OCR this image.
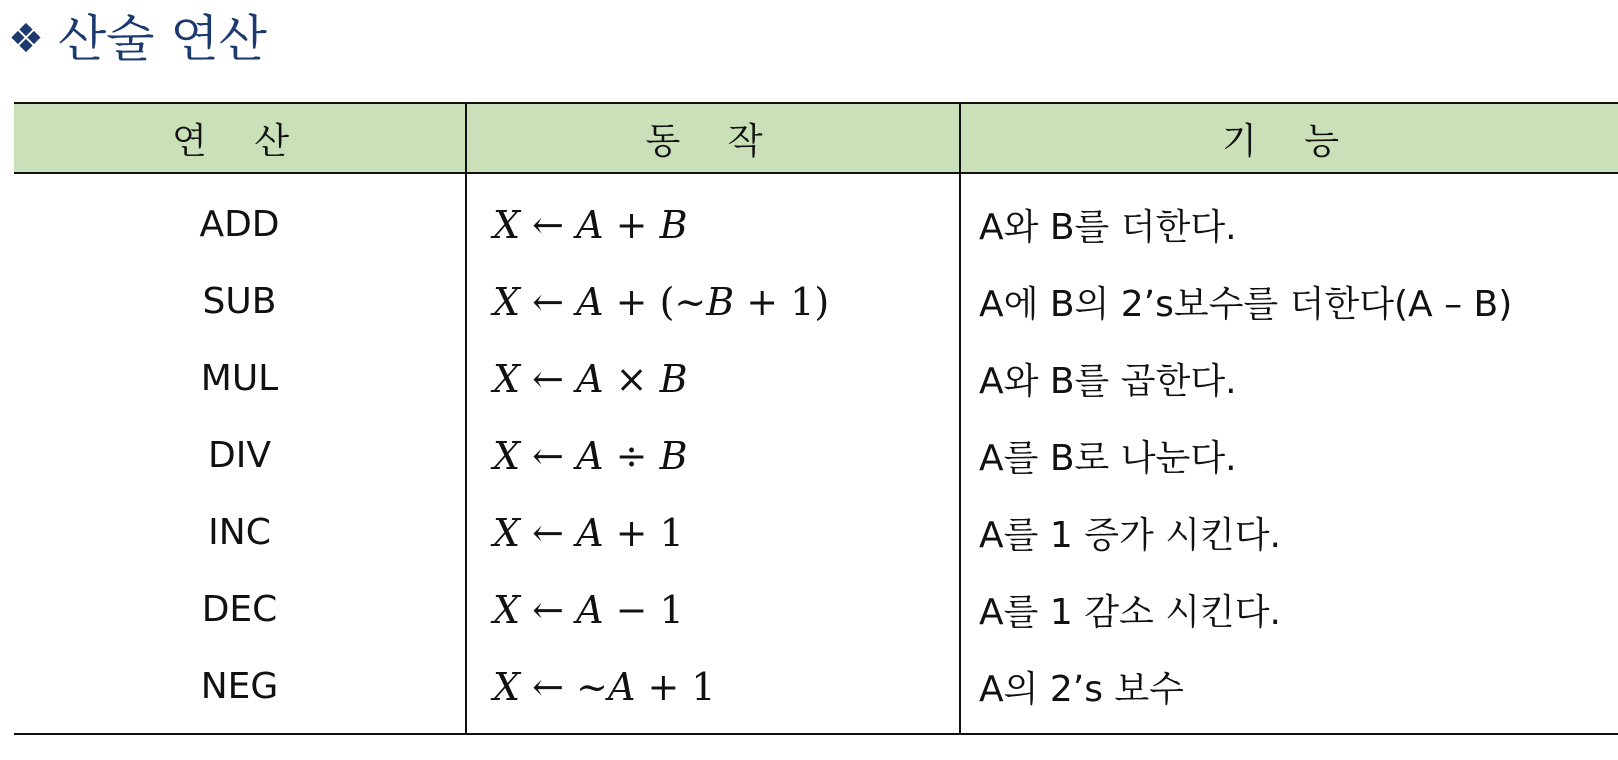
❖ 산술 연산
연 산	동 작	기 능
ADD	X ← A + B	A와 B를 더한다.
SUB	X ← A + (~B + 1)	A에 B의 2’s보수를 더한다(A – B)
MUL	X ← A × B	A와 B를 곱한다.
DIV	X ← A ÷ B	A를 B로 나눈다.
INC	X ← A + 1	A를 1 증가 시킨다.
DEC	X ← A − 1	A를 1 감소 시킨다.
NEG	X ← ~A + 1	A의 2’s 보수
